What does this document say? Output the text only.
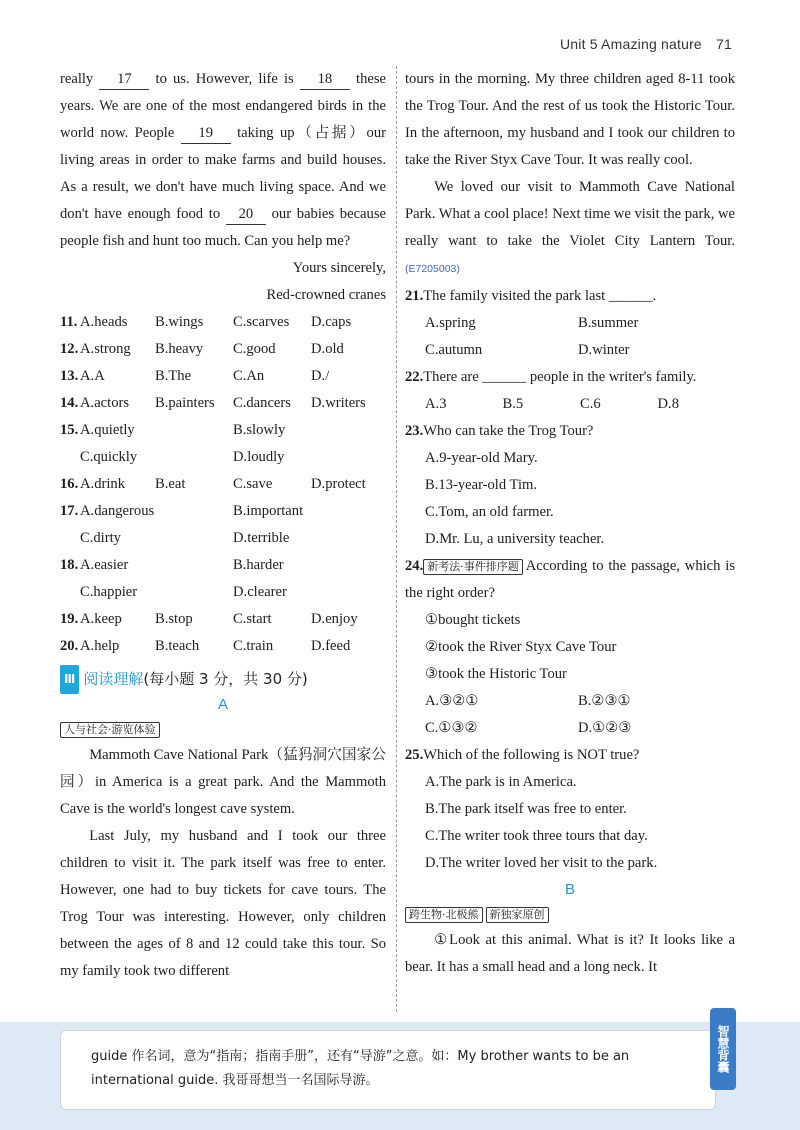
Unit 5 Amazing nature 71

really 17 to us. However, life is 18 these years. We are one of the most endangered birds in the world now. People 19 taking up（占据）our living areas in order to make farms and build houses. As a result, we don't have much living space. And we don't have enough food to 20 our babies because people fish and hunt too much. Can you help me?

Yours sincerely,

Red-crowned cranes

11. A.heads	B.wings	C.scarves	D.caps
12. A.strong	B.heavy	C.good	D.old
13. A.A	B.The	C.An	D./
14. A.actors	B.painters	C.dancers	D.writers
15. A.quietly	B.slowly
C.quickly	D.loudly
16. A.drink	B.eat	C.save	D.protect
17. A.dangerous	B.important
C.dirty	D.terrible
18. A.easier	B.harder
C.happier	D.clearer
19. A.keep	B.stop	C.start	D.enjoy
20. A.help	B.teach	C.train	D.feed
Ⅲ 阅读理解(每小题 3 分，共 30 分)
A
人与社会·游览体验

Mammoth Cave National Park（猛犸洞穴国家公园）in America is a great park. And the Mammoth Cave is the world's longest cave system.

Last July, my husband and I took our three children to visit it. The park itself was free to enter. However, one had to buy tickets for cave tours. The Trog Tour was interesting. However, only children between the ages of 8 and 12 could take this tour. So my family took two different

tours in the morning. My three children aged 8-11 took the Trog Tour. And the rest of us took the Historic Tour. In the afternoon, my husband and I took our children to take the River Styx Cave Tour. It was really cool.

We loved our visit to Mammoth Cave National Park. What a cool place! Next time we visit the park, we really want to take the Violet City Lantern Tour. (E7205003)

21.The family visited the park last ______.

A.spring	B.summer
C.autumn	D.winter

22.There are ______ people in the writer's family.

A.3	B.5	C.6	D.8

23.Who can take the Trog Tour?

A.9-year-old Mary.
B.13-year-old Tim.
C.Tom, an old farmer.
D.Mr. Lu, a university teacher.

24. 新考法·事件排序题 According to the passage, which is the right order?

①bought tickets
②took the River Styx Cave Tour
③took the Historic Tour
A.③②①	B.②③①
C.①③②	D.①②③

25.Which of the following is NOT true?

A.The park is in America.
B.The park itself was free to enter.
C.The writer took three tours that day.
D.The writer loved her visit to the park.
B
跨生物·北极熊	新独家原创

①Look at this animal. What is it? It looks like a bear. It has a small head and a long neck. It

guide 作名词，意为“指南；指南手册”，还有“导游”之意。如：My brother wants to be an international guide. 我哥哥想当一名国际导游。
智慧背囊
